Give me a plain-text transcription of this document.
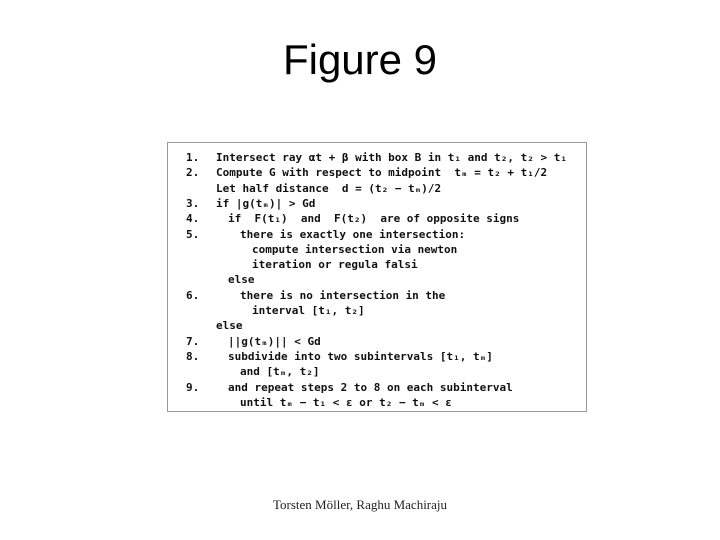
Figure 9
1.	Intersect ray αt + β with box B in t₁ and t₂, t₂ > t₁
2.	Compute G with respect to midpoint  tₘ = t₂ + t₁/2
Let half distance  d = (t₂ − tₘ)/2
3.	if |g(tₘ)| > Gd
4.	if  F(t₁)  and  F(t₂)  are of opposite signs
5.	there is exactly one intersection:
compute intersection via newton
iteration or regula falsi
else
6.	there is no intersection in the
interval [t₁, t₂]
else
7.	||g(tₘ)|| < Gd
8.	subdivide into two subintervals [t₁, tₘ]
and [tₘ, t₂]
9.	and repeat steps 2 to 8 on each subinterval
until tₘ − t₁ < ε or t₂ − tₘ < ε
Torsten Möller, Raghu Machiraju
